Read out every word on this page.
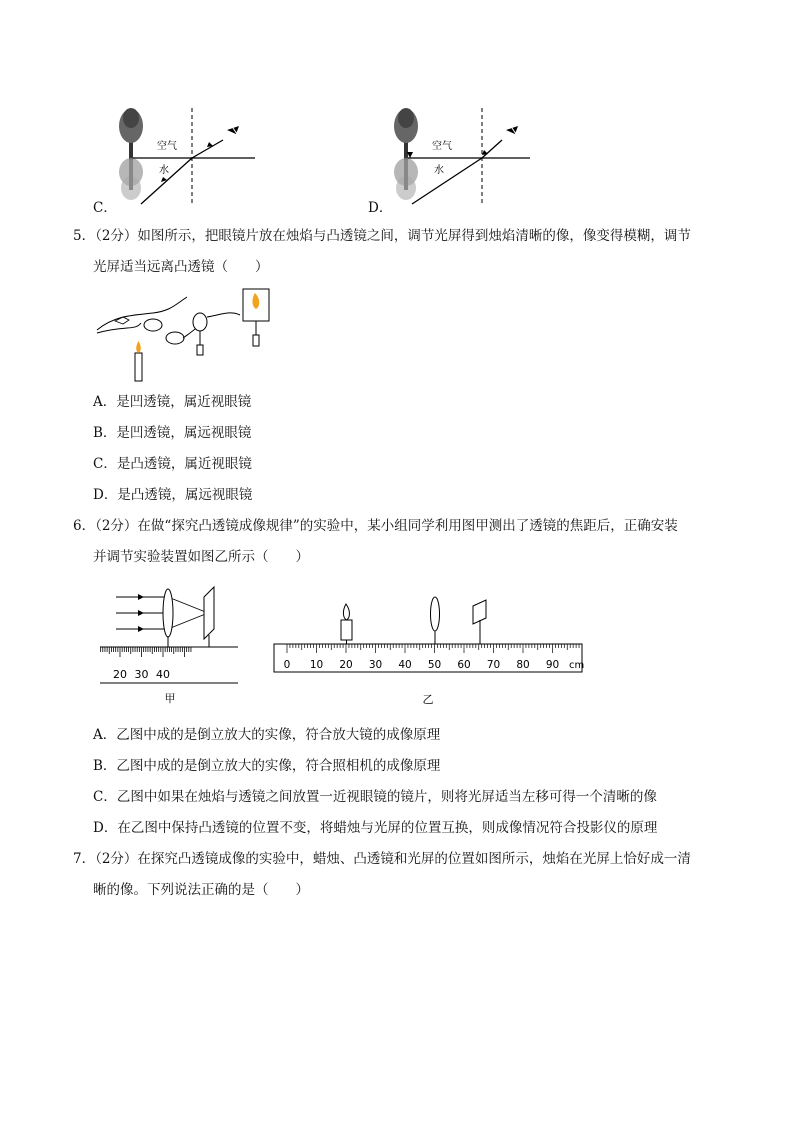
C．
空气
水
D．
空气
水
5．（2分）如图所示，把眼镜片放在烛焰与凸透镜之间，调节光屏得到烛焰清晰的像，像变得模糊，调节
光屏适当远离凸透镜（　　）
A．是凹透镜，属近视眼镜
B．是凹透镜，属远视眼镜
C．是凸透镜，属近视眼镜
D．是凸透镜，属远视眼镜
6．（2分）在做“探究凸透镜成像规律”的实验中，某小组同学利用图甲测出了透镜的焦距后，正确安装
并调节实验装置如图乙所示（　　）
20 30 40
甲
0 10 20 30 40 50 60 70 80 90 cm
乙
A．乙图中成的是倒立放大的实像，符合放大镜的成像原理
B．乙图中成的是倒立放大的实像，符合照相机的成像原理
C．乙图中如果在烛焰与透镜之间放置一近视眼镜的镜片，则将光屏适当左移可得一个清晰的像
D．在乙图中保持凸透镜的位置不变，将蜡烛与光屏的位置互换，则成像情况符合投影仪的原理
7．（2分）在探究凸透镜成像的实验中，蜡烛、凸透镜和光屏的位置如图所示，烛焰在光屏上恰好成一清
晰的像。下列说法正确的是（　　）
